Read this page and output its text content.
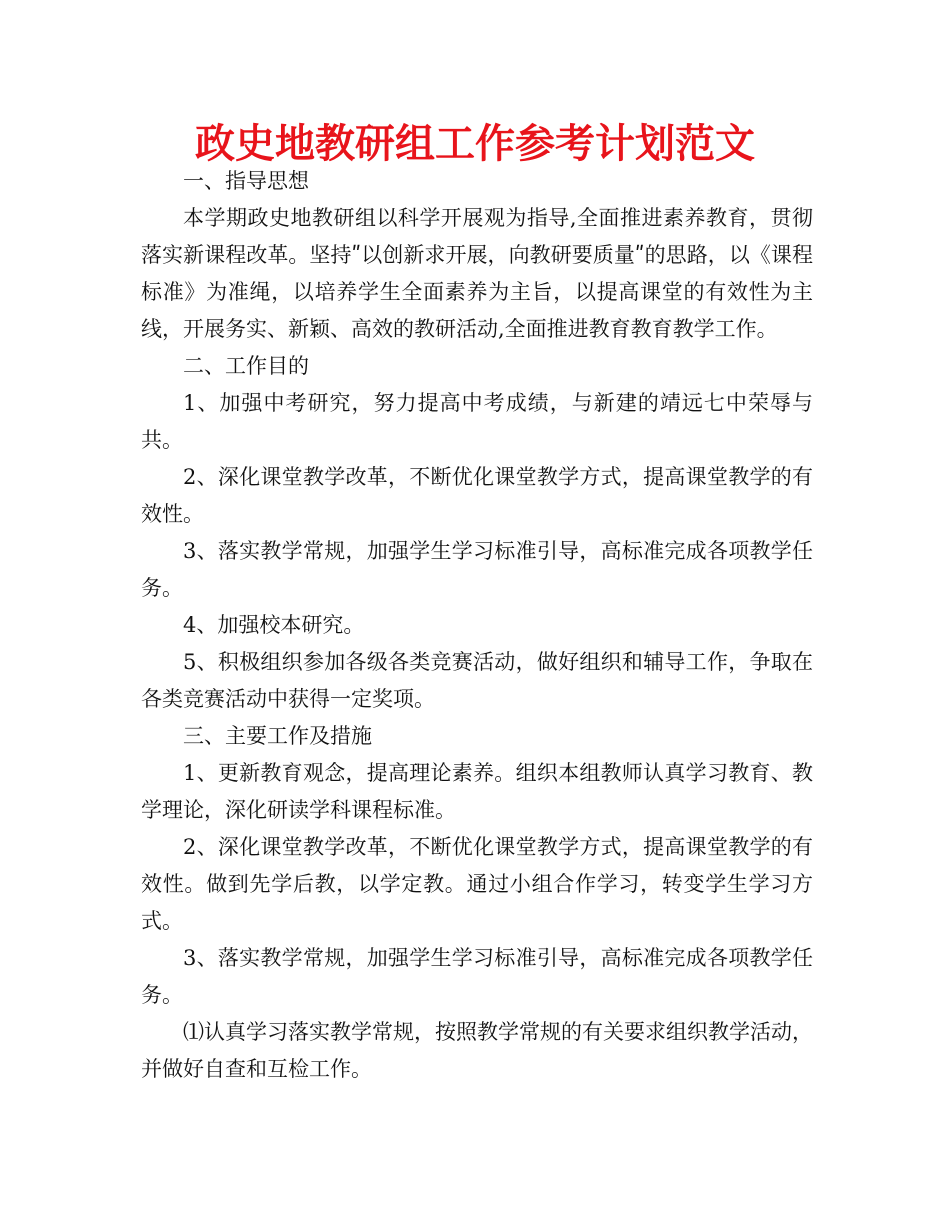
政史地教研组工作参考计划范文

一、指导思想

本学期政史地教研组以科学开展观为指导,全面推进素养教育，贯彻落实新课程改革。坚持ʺ以创新求开展，向教研要质量ʺ的思路，以《课程标准》为准绳，以培养学生全面素养为主旨，以提高课堂的有效性为主线，开展务实、新颖、高效的教研活动,全面推进教育教育教学工作。

二、工作目的

1、加强中考研究，努力提高中考成绩，与新建的靖远七中荣辱与共。

2、深化课堂教学改革，不断优化课堂教学方式，提高课堂教学的有效性。

3、落实教学常规，加强学生学习标准引导，高标准完成各项教学任务。

4、加强校本研究。

5、积极组织参加各级各类竞赛活动，做好组织和辅导工作，争取在各类竞赛活动中获得一定奖项。

三、主要工作及措施

1、更新教育观念，提高理论素养。组织本组教师认真学习教育、教学理论，深化研读学科课程标准。

2、深化课堂教学改革，不断优化课堂教学方式，提高课堂教学的有效性。做到先学后教，以学定教。通过小组合作学习，转变学生学习方式。

3、落实教学常规，加强学生学习标准引导，高标准完成各项教学任务。

⑴认真学习落实教学常规，按照教学常规的有关要求组织教学活动，并做好自查和互检工作。
